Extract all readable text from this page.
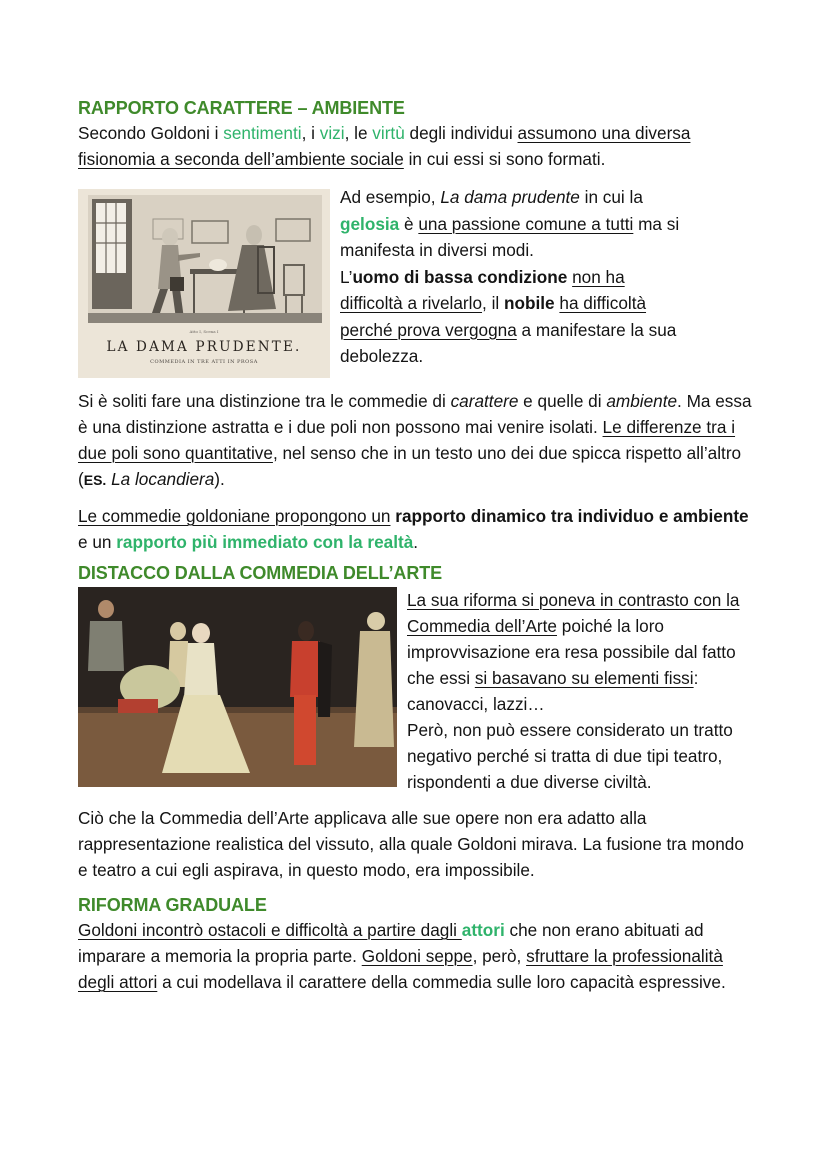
RAPPORTO CARATTERE – AMBIENTE
Secondo Goldoni i sentimenti, i vizi, le virtù degli individui assumono una diversa fisionomia a seconda dell’ambiente sociale in cui essi si sono formati.
Atto I, Scena I
LA DAMA PRUDENTE.
COMMEDIA IN TRE ATTI IN PROSA
Ad esempio, La dama prudente in cui la gelosia è una passione comune a tutti ma si manifesta in diversi modi.
L’uomo di bassa condizione non ha difficoltà a rivelarlo, il nobile ha difficoltà perché prova vergogna a manifestare la sua debolezza.
Si è soliti fare una distinzione tra le commedie di carattere e quelle di ambiente. Ma essa è una distinzione astratta e i due poli non possono mai venire isolati. Le differenze tra i due poli sono quantitative, nel senso che in un testo uno dei due spicca rispetto all’altro (ES. La locandiera).
Le commedie goldoniane propongono un rapporto dinamico tra individuo e ambiente e un rapporto più immediato con la realtà.
DISTACCO DALLA COMMEDIA DELL’ARTE
La sua riforma si poneva in contrasto con la Commedia dell’Arte poiché la loro improvvisazione era resa possibile dal fatto che essi si basavano su elementi fissi: canovacci, lazzi…
Però, non può essere considerato un tratto negativo perché si tratta di due tipi teatro, rispondenti a due diverse civiltà.
Ciò che la Commedia dell’Arte applicava alle sue opere non era adatto alla rappresentazione realistica del vissuto, alla quale Goldoni mirava. La fusione tra mondo e teatro a cui egli aspirava, in questo modo, era impossibile.
RIFORMA GRADUALE
Goldoni incontrò ostacoli e difficoltà a partire dagli attori che non erano abituati ad imparare a memoria la propria parte. Goldoni seppe, però, sfruttare la professionalità degli attori a cui modellava il carattere della commedia sulle loro capacità espressive.
